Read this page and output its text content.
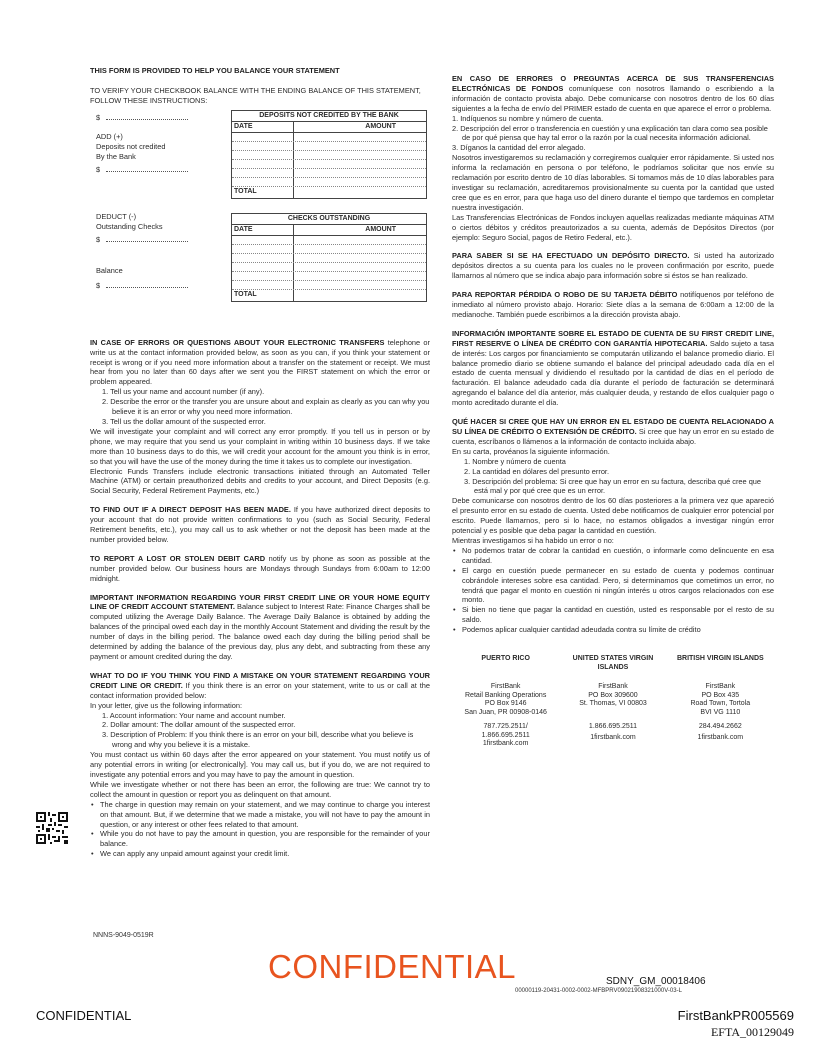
THIS FORM IS PROVIDED TO HELP YOU BALANCE YOUR STATEMENT
TO VERIFY YOUR CHECKBOOK BALANCE WITH THE ENDING BALANCE OF THIS STATEMENT, FOLLOW THESE INSTRUCTIONS:
$
ADD (+)
Deposits not credited
By the Bank
$
DEDUCT (-)
Outstanding Checks
$
Balance
$
DEPOSITS NOT CREDITED BY THE BANK
DATE	AMOUNT
TOTAL
CHECKS OUTSTANDING
DATE	AMOUNT
TOTAL
IN CASE OF ERRORS OR QUESTIONS ABOUT YOUR ELECTRONIC TRANSFERS telephone or write us at the contact information provided below, as soon as you can, if you think your statement or receipt is wrong or if you need more information about a transfer on the statement or receipt. We must hear from you no later than 60 days after we sent you the FIRST statement on which the error or problem appeared.
1. Tell us your name and account number (if any).
2. Describe the error or the transfer you are unsure about and explain as clearly as you can why you believe it is an error or why you need more information.
3. Tell us the dollar amount of the suspected error.
We will investigate your complaint and will correct any error promptly. If you tell us in person or by phone, we may require that you send us your complaint in writing within 10 business days. If we take more than 10 business days to do this, we will credit your account for the amount you think is in error, so that you will have the use of the money during the time it takes us to complete our investigation.
Electronic Funds Transfers include electronic transactions initiated through an Automated Teller Machine (ATM) or certain preauthorized debits and credits to your account, and Direct Deposits (e.g. Social Security, Federal Retirement Payments, etc.)
TO FIND OUT IF A DIRECT DEPOSIT HAS BEEN MADE. If you have authorized direct deposits to your account that do not provide written confirmations to you (such as Social Security, Federal Retirement benefits, etc.), you may call us to ask whether or not the deposit has been made at the number provided below.
TO REPORT A LOST OR STOLEN DEBIT CARD notify us by phone as soon as possible at the number provided below. Our business hours are Mondays through Sundays from 6:00am to 12:00 midnight.
IMPORTANT INFORMATION REGARDING YOUR FIRST CREDIT LINE OR YOUR HOME EQUITY LINE OF CREDIT ACCOUNT STATEMENT. Balance subject to Interest Rate: Finance Charges shall be computed utilizing the Average Daily Balance. The Average Daily Balance is obtained by adding the balances of the principal owed each day in the monthly Account Statement and dividing the result by the number of days in the billing period. The balance owed each day during the billing period shall be determined by adding the balance of the previous day, plus any debt, and subtracting from these any payment or amount credited during the day.
WHAT TO DO IF YOU THINK YOU FIND A MISTAKE ON YOUR STATEMENT REGARDING YOUR CREDIT LINE OR CREDIT. If you think there is an error on your statement, write to us or call at the contact information provided below:
In your letter, give us the following information:
1. Account information: Your name and account number.
2. Dollar amount: The dollar amount of the suspected error.
3. Description of Problem: If you think there is an error on your bill, describe what you believe is wrong and why you believe it is a mistake.
You must contact us within 60 days after the error appeared on your statement. You must notify us of any potential errors in writing [or electronically]. You may call us, but if you do, we are not required to investigate any potential errors and you may have to pay the amount in question.
While we investigate whether or not there has been an error, the following are true: We cannot try to collect the amount in question or report you as delinquent on that amount.
• The charge in question may remain on your statement, and we may continue to charge you interest on that amount. But, if we determine that we made a mistake, you will not have to pay the amount in question, or any interest or other fees related to that amount.
• While you do not have to pay the amount in question, you are responsible for the remainder of your balance.
• We can apply any unpaid amount against your credit limit.
EN CASO DE ERRORES O PREGUNTAS ACERCA DE SUS TRANSFERENCIAS ELECTRÓNICAS DE FONDOS comuníquese con nosotros llamando o escribiendo a la información de contacto provista abajo. Debe comunicarse con nosotros dentro de los 60 días siguientes a la fecha de envío del PRIMER estado de cuenta en que aparece el error o problema.
1. Indíquenos su nombre y número de cuenta.
2. Descripción del error o transferencia en cuestión y una explicación tan clara como sea posible de por qué piensa que hay tal error o la razón por la cual necesita información adicional.
3. Díganos la cantidad del error alegado.
Nosotros investigaremos su reclamación y corregiremos cualquier error rápidamente. Si usted nos informa la reclamación en persona o por teléfono, le podríamos solicitar que nos envíe su reclamación por escrito dentro de 10 días laborables. Si tomamos más de 10 días laborables para investigar su reclamación, acreditaremos provisionalmente su cuenta por la cantidad que usted cree que es en error, para que haga uso del dinero durante el tiempo que tardemos en completar nuestra investigación.
Las Transferencias Electrónicas de Fondos incluyen aquellas realizadas mediante máquinas ATM o ciertos débitos y créditos preautorizados a su cuenta, además de Depósitos Directos (por ejemplo: Seguro Social, pagos de Retiro Federal, etc.).
PARA SABER SI SE HA EFECTUADO UN DEPÓSITO DIRECTO. Si usted ha autorizado depósitos directos a su cuenta para los cuales no le proveen confirmación por escrito, puede llamarnos al número que se indica abajo para información sobre si éstos se han realizado.
PARA REPORTAR PÉRDIDA O ROBO DE SU TARJETA DÉBITO notifíquenos por teléfono de inmediato al número provisto abajo. Horario: Siete días a la semana de 6:00am a 12:00 de la medianoche. También puede escribirnos a la dirección provista abajo.
INFORMACIÓN IMPORTANTE SOBRE EL ESTADO DE CUENTA DE SU FIRST CREDIT LINE, FIRST RESERVE O LÍNEA DE CRÉDITO CON GARANTÍA HIPOTECARIA. Saldo sujeto a tasa de interés: Los cargos por financiamiento se computarán utilizando el balance promedio diario. El balance promedio diario se obtiene sumando el balance del principal adeudado cada día en el estado de cuenta mensual y dividiendo el resultado por la cantidad de días en el período de facturación. El balance adeudado cada día durante el período de facturación se determinará agregando el balance del día anterior, más cualquier deuda, y restando de ellos cualquier pago o monto acreditado durante el día.
QUÉ HACER SI CREE QUE HAY UN ERROR EN EL ESTADO DE CUENTA RELACIONADO A SU LÍNEA DE CRÉDITO O EXTENSIÓN DE CRÉDITO. Si cree que hay un error en su estado de cuenta, escríbanos o llámenos a la información de contacto incluida abajo.
En su carta, provéanos la siguiente información.
1. Nombre y número de cuenta
2. La cantidad en dólares del presunto error.
3. Descripción del problema: Si cree que hay un error en su factura, describa qué cree que está mal y por qué cree que es un error.
Debe comunicarse con nosotros dentro de los 60 días posteriores a la primera vez que apareció el presunto error en su estado de cuenta. Usted debe notificarnos de cualquier error potencial por escrito. Puede llamarnos, pero si lo hace, no estamos obligados a investigar ningún error potencial y es posible que deba pagar la cantidad en cuestión.
Mientras investigamos si ha habido un error o no:
• No podemos tratar de cobrar la cantidad en cuestión, o informarle como delincuente en esa cantidad.
• El cargo en cuestión puede permanecer en su estado de cuenta y podemos continuar cobrándole intereses sobre esa cantidad. Pero, si determinamos que cometimos un error, no tendrá que pagar el monto en cuestión ni ningún interés u otros cargos relacionados con ese monto.
• Si bien no tiene que pagar la cantidad en cuestión, usted es responsable por el resto de su saldo.
• Podemos aplicar cualquier cantidad adeudada contra su límite de crédito
PUERTO RICO
FirstBank
Retail Banking Operations
PO Box 9146
San Juan, PR 00908-0146
787.725.2511/
1.866.695.2511
1firstbank.com
UNITED STATES VIRGIN ISLANDS
FirstBank
PO Box 309600
St. Thomas, VI 00803
1.866.695.2511
1firstbank.com
BRITISH VIRGIN ISLANDS
FirstBank
PO Box 435
Road Town, Tortola
BVI VG 1110
284.494.2662
1firstbank.com
NNNS-9049-0519R
CONFIDENTIAL	SDNY_GM_00018406
00000119-20431-0002-0002-MFBPRV09021908321000V-03-L
CONFIDENTIAL	FirstBankPR005569
EFTA_00129049
